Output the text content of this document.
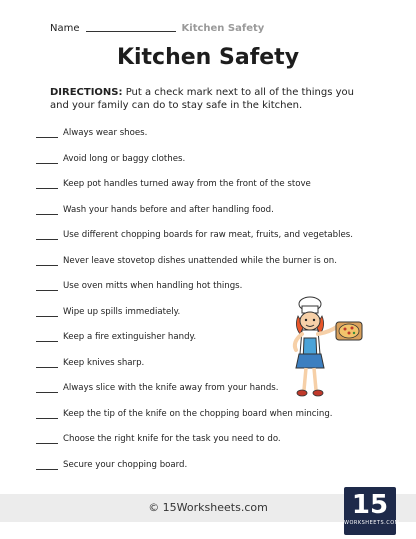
Name	Kitchen Safety
Kitchen Safety
DIRECTIONS: Put a check mark next to all of the things you and your family can do to stay safe in the kitchen.
Always wear shoes.
Avoid long or baggy clothes.
Keep pot handles turned away from the front of the stove
Wash your hands before and after handling food.
Use different chopping boards for raw meat, fruits, and vegetables.
Never leave stovetop dishes unattended while the burner is on.
Use oven mitts when handling hot things.
Wipe up spills immediately.
Keep a fire extinguisher handy.
Keep knives sharp.
Always slice with the knife away from your hands.
Keep the tip of the knife on the chopping board when mincing.
Choose the right knife for the task you need to do.
Secure your chopping board.
© 15Worksheets.com	15
WORKSHEETS.COM
